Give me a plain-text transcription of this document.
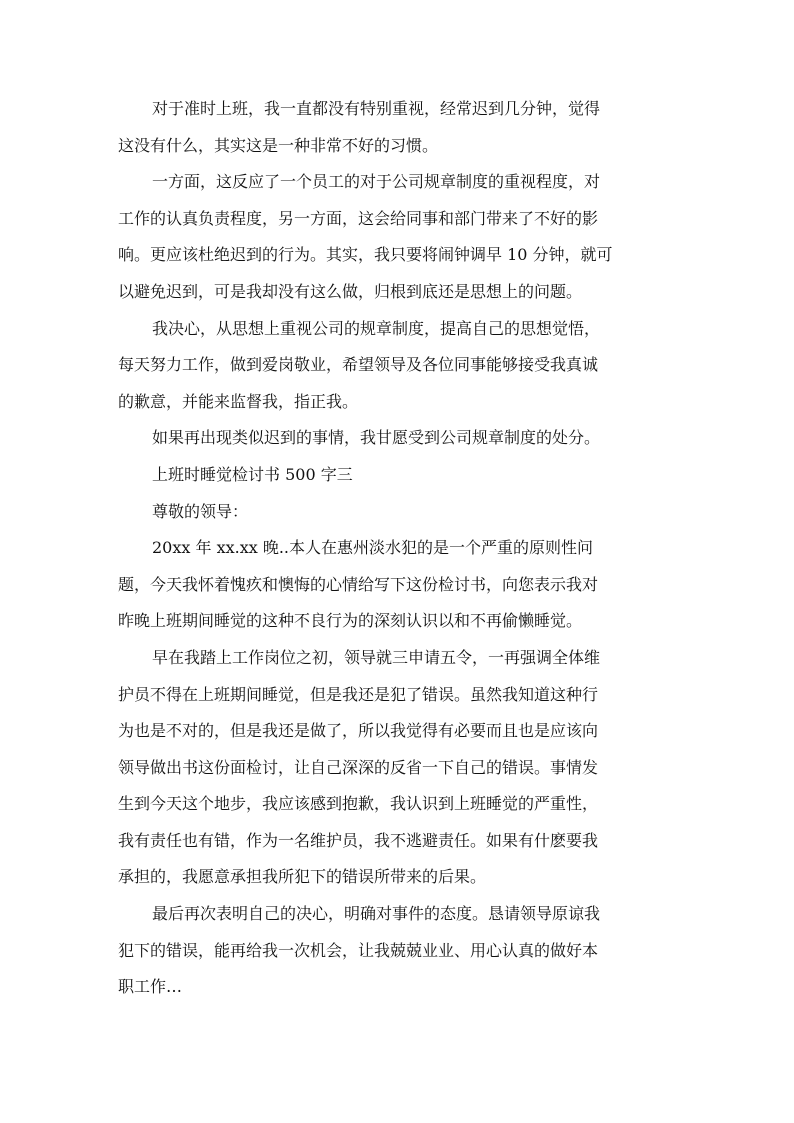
对于准时上班，我一直都没有特别重视，经常迟到几分钟，觉得
这没有什么，其实这是一种非常不好的习惯。
一方面，这反应了一个员工的对于公司规章制度的重视程度，对
工作的认真负责程度，另一方面，这会给同事和部门带来了不好的影
响。更应该杜绝迟到的行为。其实，我只要将闹钟调早 10 分钟，就可
以避免迟到，可是我却没有这么做，归根到底还是思想上的问题。
我决心，从思想上重视公司的规章制度，提高自己的思想觉悟，
每天努力工作，做到爱岗敬业，希望领导及各位同事能够接受我真诚
的歉意，并能来监督我，指正我。
如果再出现类似迟到的事情，我甘愿受到公司规章制度的处分。
上班时睡觉检讨书 500 字三
尊敬的领导：
20xx 年 xx.xx 晚..本人在惠州淡水犯的是一个严重的原则性问
题，今天我怀着愧疚和懊悔的心情给写下这份检讨书，向您表示我对
昨晚上班期间睡觉的这种不良行为的深刻认识以和不再偷懒睡觉。
早在我踏上工作岗位之初，领导就三申请五令，一再强调全体维
护员不得在上班期间睡觉，但是我还是犯了错误。虽然我知道这种行
为也是不对的，但是我还是做了，所以我觉得有必要而且也是应该向
领导做出书这份面检讨，让自己深深的反省一下自己的错误。事情发
生到今天这个地步，我应该感到抱歉，我认识到上班睡觉的严重性，
我有责任也有错，作为一名维护员，我不逃避责任。如果有什麽要我
承担的，我愿意承担我所犯下的错误所带来的后果。
最后再次表明自己的决心，明确对事件的态度。恳请领导原谅我
犯下的错误，能再给我一次机会，让我兢兢业业、用心认真的做好本
职工作…
